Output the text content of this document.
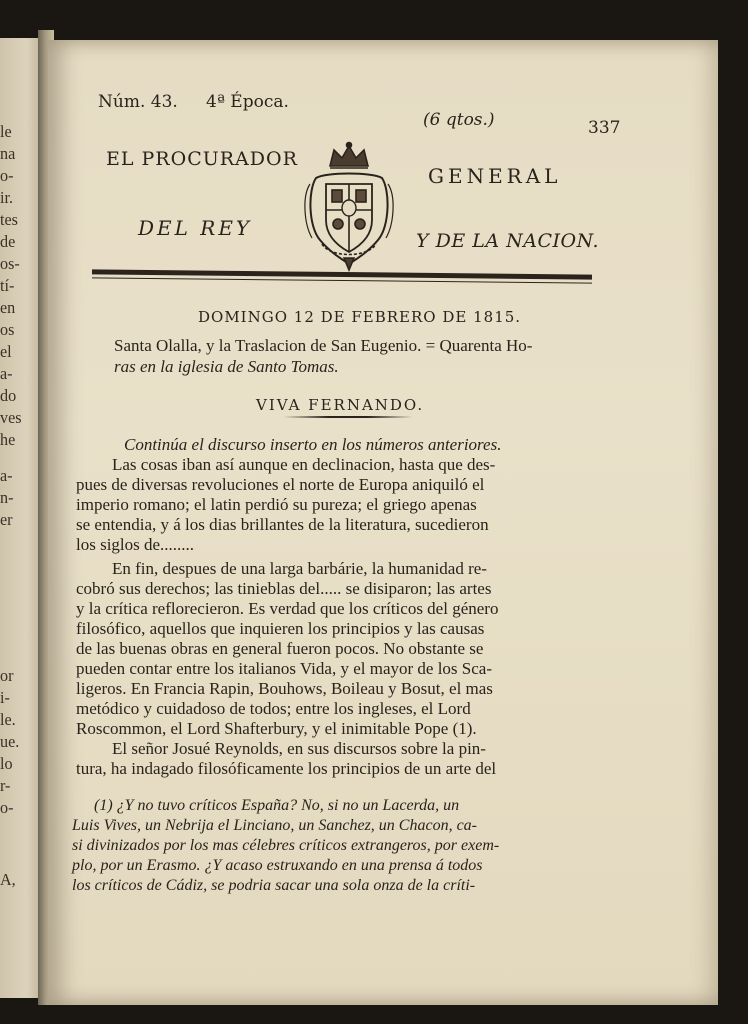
le
na
o-
ir.
tes
de
os-
tí-
en
os
el
a-
do
ves
he
a-
n-
er
or
i-
le.
ue.
lo
r-
o-
A,
Núm. 43. 4ª Época.
(6 qtos.)	337
EL PROCURADOR
GENERAL
DEL REY
Y DE LA NACION.
DOMINGO 12 DE FEBRERO DE 1815.
Santa Olalla, y la Traslacion de San Eugenio. = Quarenta Ho-
ras en la iglesia de Santo Tomas.
VIVA FERNANDO.
Continúa el discurso inserto en los números anteriores.
Las cosas iban así aunque en declinacion, hasta que des-
pues de diversas revoluciones el norte de Europa aniquiló el
imperio romano; el latin perdió su pureza; el griego apenas
se entendia, y á los dias brillantes de la literatura, sucedieron
los siglos de........
En fin, despues de una larga barbárie, la humanidad re-
cobró sus derechos; las tinieblas del..... se disiparon; las artes
y la crítica reflorecieron. Es verdad que los críticos del género
filosófico, aquellos que inquieren los principios y las causas
de las buenas obras en general fueron pocos. No obstante se
pueden contar entre los italianos Vida, y el mayor de los Sca-
ligeros. En Francia Rapin, Bouhows, Boileau y Bosut, el mas
metódico y cuidadoso de todos; entre los ingleses, el Lord
Roscommon, el Lord Shafterbury, y el inimitable Pope (1).
El señor Josué Reynolds, en sus discursos sobre la pin-
tura, ha indagado filosóficamente los principios de un arte del
(1) ¿Y no tuvo críticos España? No, si no un Lacerda, un
Luis Vives, un Nebrija el Linciano, un Sanchez, un Chacon, ca-
si divinizados por los mas célebres críticos extrangeros, por exem-
plo, por un Erasmo. ¿Y acaso estruxando en una prensa á todos
los críticos de Cádiz, se podria sacar una sola onza de la críti-
